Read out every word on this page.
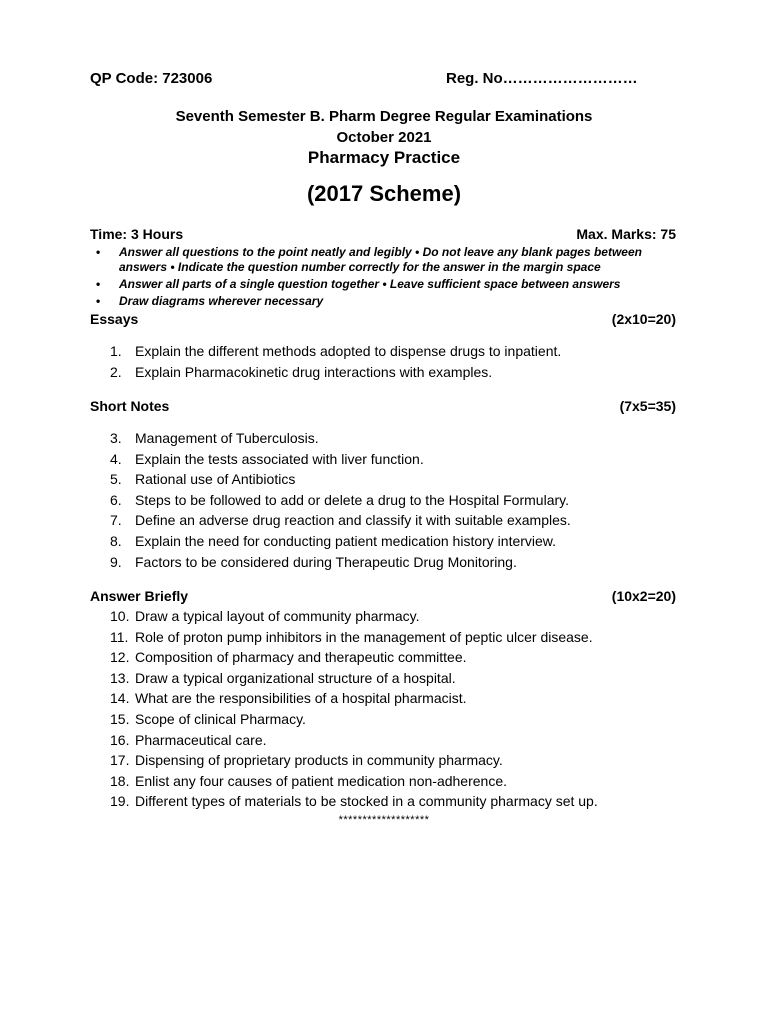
QP Code: 723006	Reg. No………………………
Seventh Semester B. Pharm Degree Regular Examinations
October 2021
Pharmacy Practice
(2017 Scheme)
Time: 3 Hours	Max. Marks: 75
• Answer all questions to the point neatly and legibly • Do not leave any blank pages between answers • Indicate the question number correctly for the answer in the margin space
• Answer all parts of a single question together • Leave sufficient space between answers
• Draw diagrams wherever necessary
Essays	(2x10=20)
1. Explain the different methods adopted to dispense drugs to inpatient.
2. Explain Pharmacokinetic drug interactions with examples.
Short Notes	(7x5=35)
3. Management of Tuberculosis.
4. Explain the tests associated with liver function.
5. Rational use of Antibiotics
6. Steps to be followed to add or delete a drug to the Hospital Formulary.
7. Define an adverse drug reaction and classify it with suitable examples.
8. Explain the need for conducting patient medication history interview.
9. Factors to be considered during Therapeutic Drug Monitoring.
Answer Briefly	(10x2=20)
10. Draw a typical layout of community pharmacy.
11. Role of proton pump inhibitors in the management of peptic ulcer disease.
12. Composition of pharmacy and therapeutic committee.
13. Draw a typical organizational structure of a hospital.
14. What are the responsibilities of a hospital pharmacist.
15. Scope of clinical Pharmacy.
16. Pharmaceutical care.
17. Dispensing of proprietary products in community pharmacy.
18. Enlist any four causes of patient medication non-adherence.
19. Different types of materials to be stocked in a community pharmacy set up.
*******************
